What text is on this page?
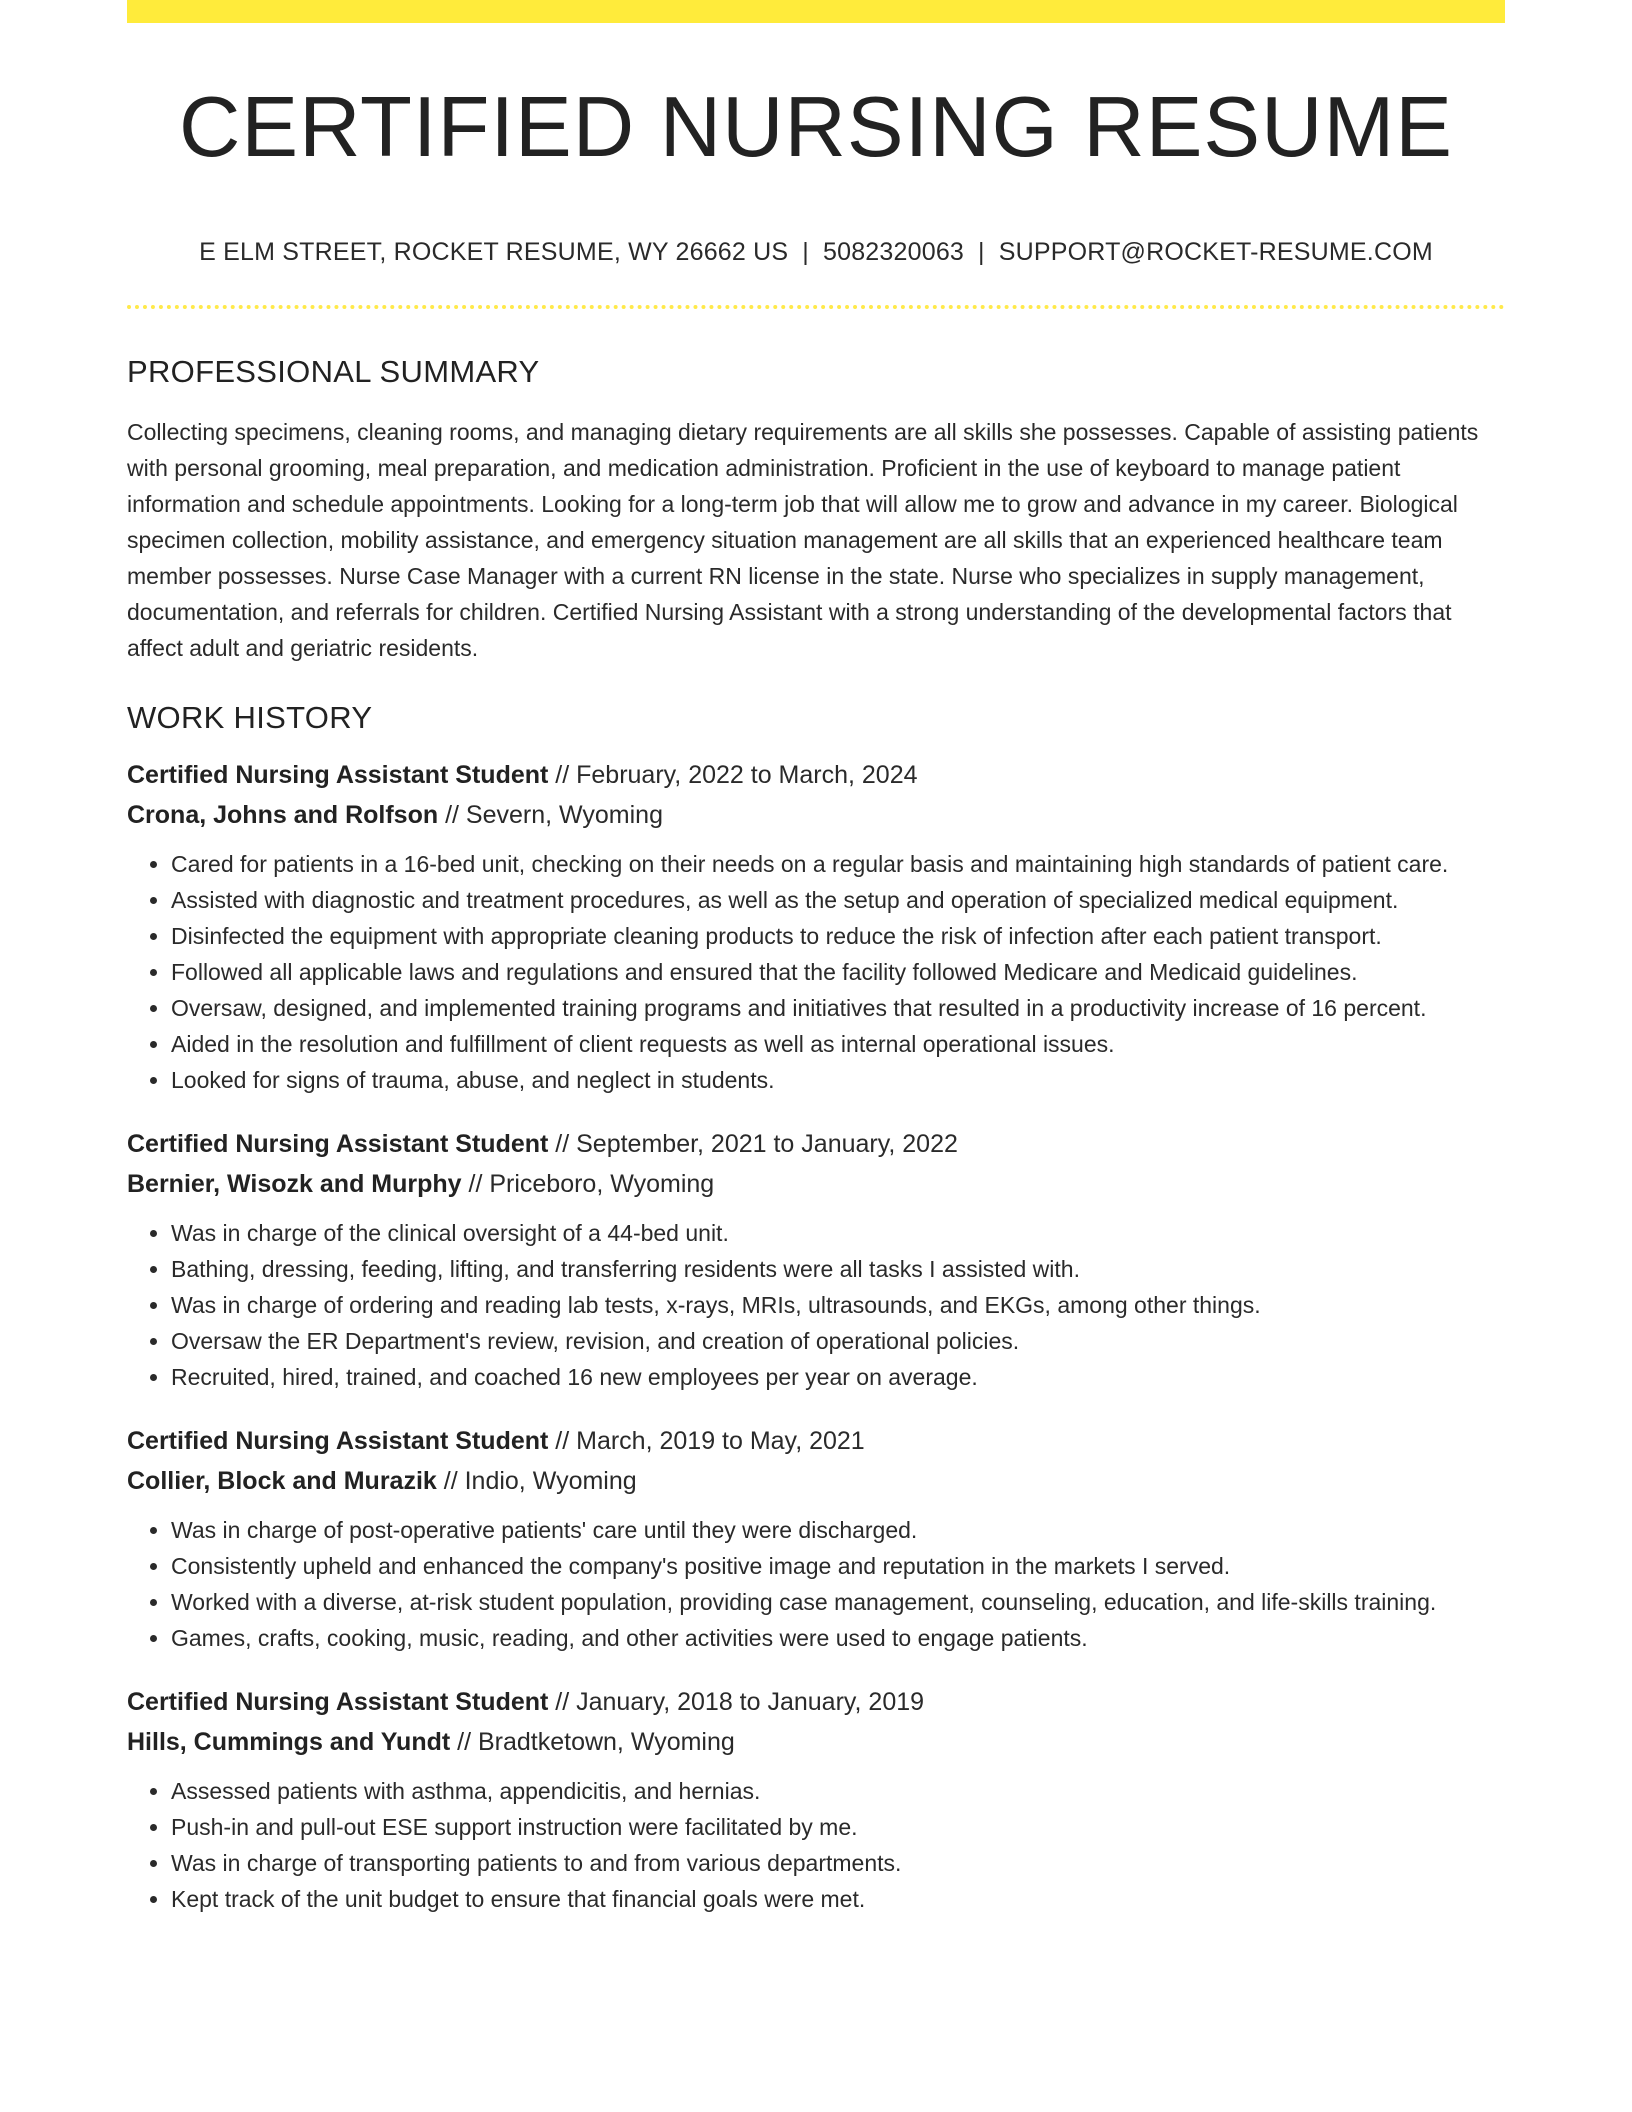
CERTIFIED NURSING RESUME
E ELM STREET, ROCKET RESUME, WY 26662 US | 5082320063 | SUPPORT@ROCKET-RESUME.COM
PROFESSIONAL SUMMARY

Collecting specimens, cleaning rooms, and managing dietary requirements are all skills she possesses. Capable of assisting patients with personal grooming, meal preparation, and medication administration. Proficient in the use of keyboard to manage patient information and schedule appointments. Looking for a long-term job that will allow me to grow and advance in my career. Biological specimen collection, mobility assistance, and emergency situation management are all skills that an experienced healthcare team member possesses. Nurse Case Manager with a current RN license in the state. Nurse who specializes in supply management, documentation, and referrals for children. Certified Nursing Assistant with a strong understanding of the developmental factors that affect adult and geriatric residents.

WORK HISTORY
Certified Nursing Assistant Student // February, 2022 to March, 2024
Crona, Johns and Rolfson // Severn, Wyoming
• Cared for patients in a 16-bed unit, checking on their needs on a regular basis and maintaining high standards of patient care.
• Assisted with diagnostic and treatment procedures, as well as the setup and operation of specialized medical equipment.
• Disinfected the equipment with appropriate cleaning products to reduce the risk of infection after each patient transport.
• Followed all applicable laws and regulations and ensured that the facility followed Medicare and Medicaid guidelines.
• Oversaw, designed, and implemented training programs and initiatives that resulted in a productivity increase of 16 percent.
• Aided in the resolution and fulfillment of client requests as well as internal operational issues.
• Looked for signs of trauma, abuse, and neglect in students.
Certified Nursing Assistant Student // September, 2021 to January, 2022
Bernier, Wisozk and Murphy // Priceboro, Wyoming
• Was in charge of the clinical oversight of a 44-bed unit.
• Bathing, dressing, feeding, lifting, and transferring residents were all tasks I assisted with.
• Was in charge of ordering and reading lab tests, x-rays, MRIs, ultrasounds, and EKGs, among other things.
• Oversaw the ER Department's review, revision, and creation of operational policies.
• Recruited, hired, trained, and coached 16 new employees per year on average.
Certified Nursing Assistant Student // March, 2019 to May, 2021
Collier, Block and Murazik // Indio, Wyoming
• Was in charge of post-operative patients' care until they were discharged.
• Consistently upheld and enhanced the company's positive image and reputation in the markets I served.
• Worked with a diverse, at-risk student population, providing case management, counseling, education, and life-skills training.
• Games, crafts, cooking, music, reading, and other activities were used to engage patients.
Certified Nursing Assistant Student // January, 2018 to January, 2019
Hills, Cummings and Yundt // Bradtketown, Wyoming
• Assessed patients with asthma, appendicitis, and hernias.
• Push-in and pull-out ESE support instruction were facilitated by me.
• Was in charge of transporting patients to and from various departments.
• Kept track of the unit budget to ensure that financial goals were met.
